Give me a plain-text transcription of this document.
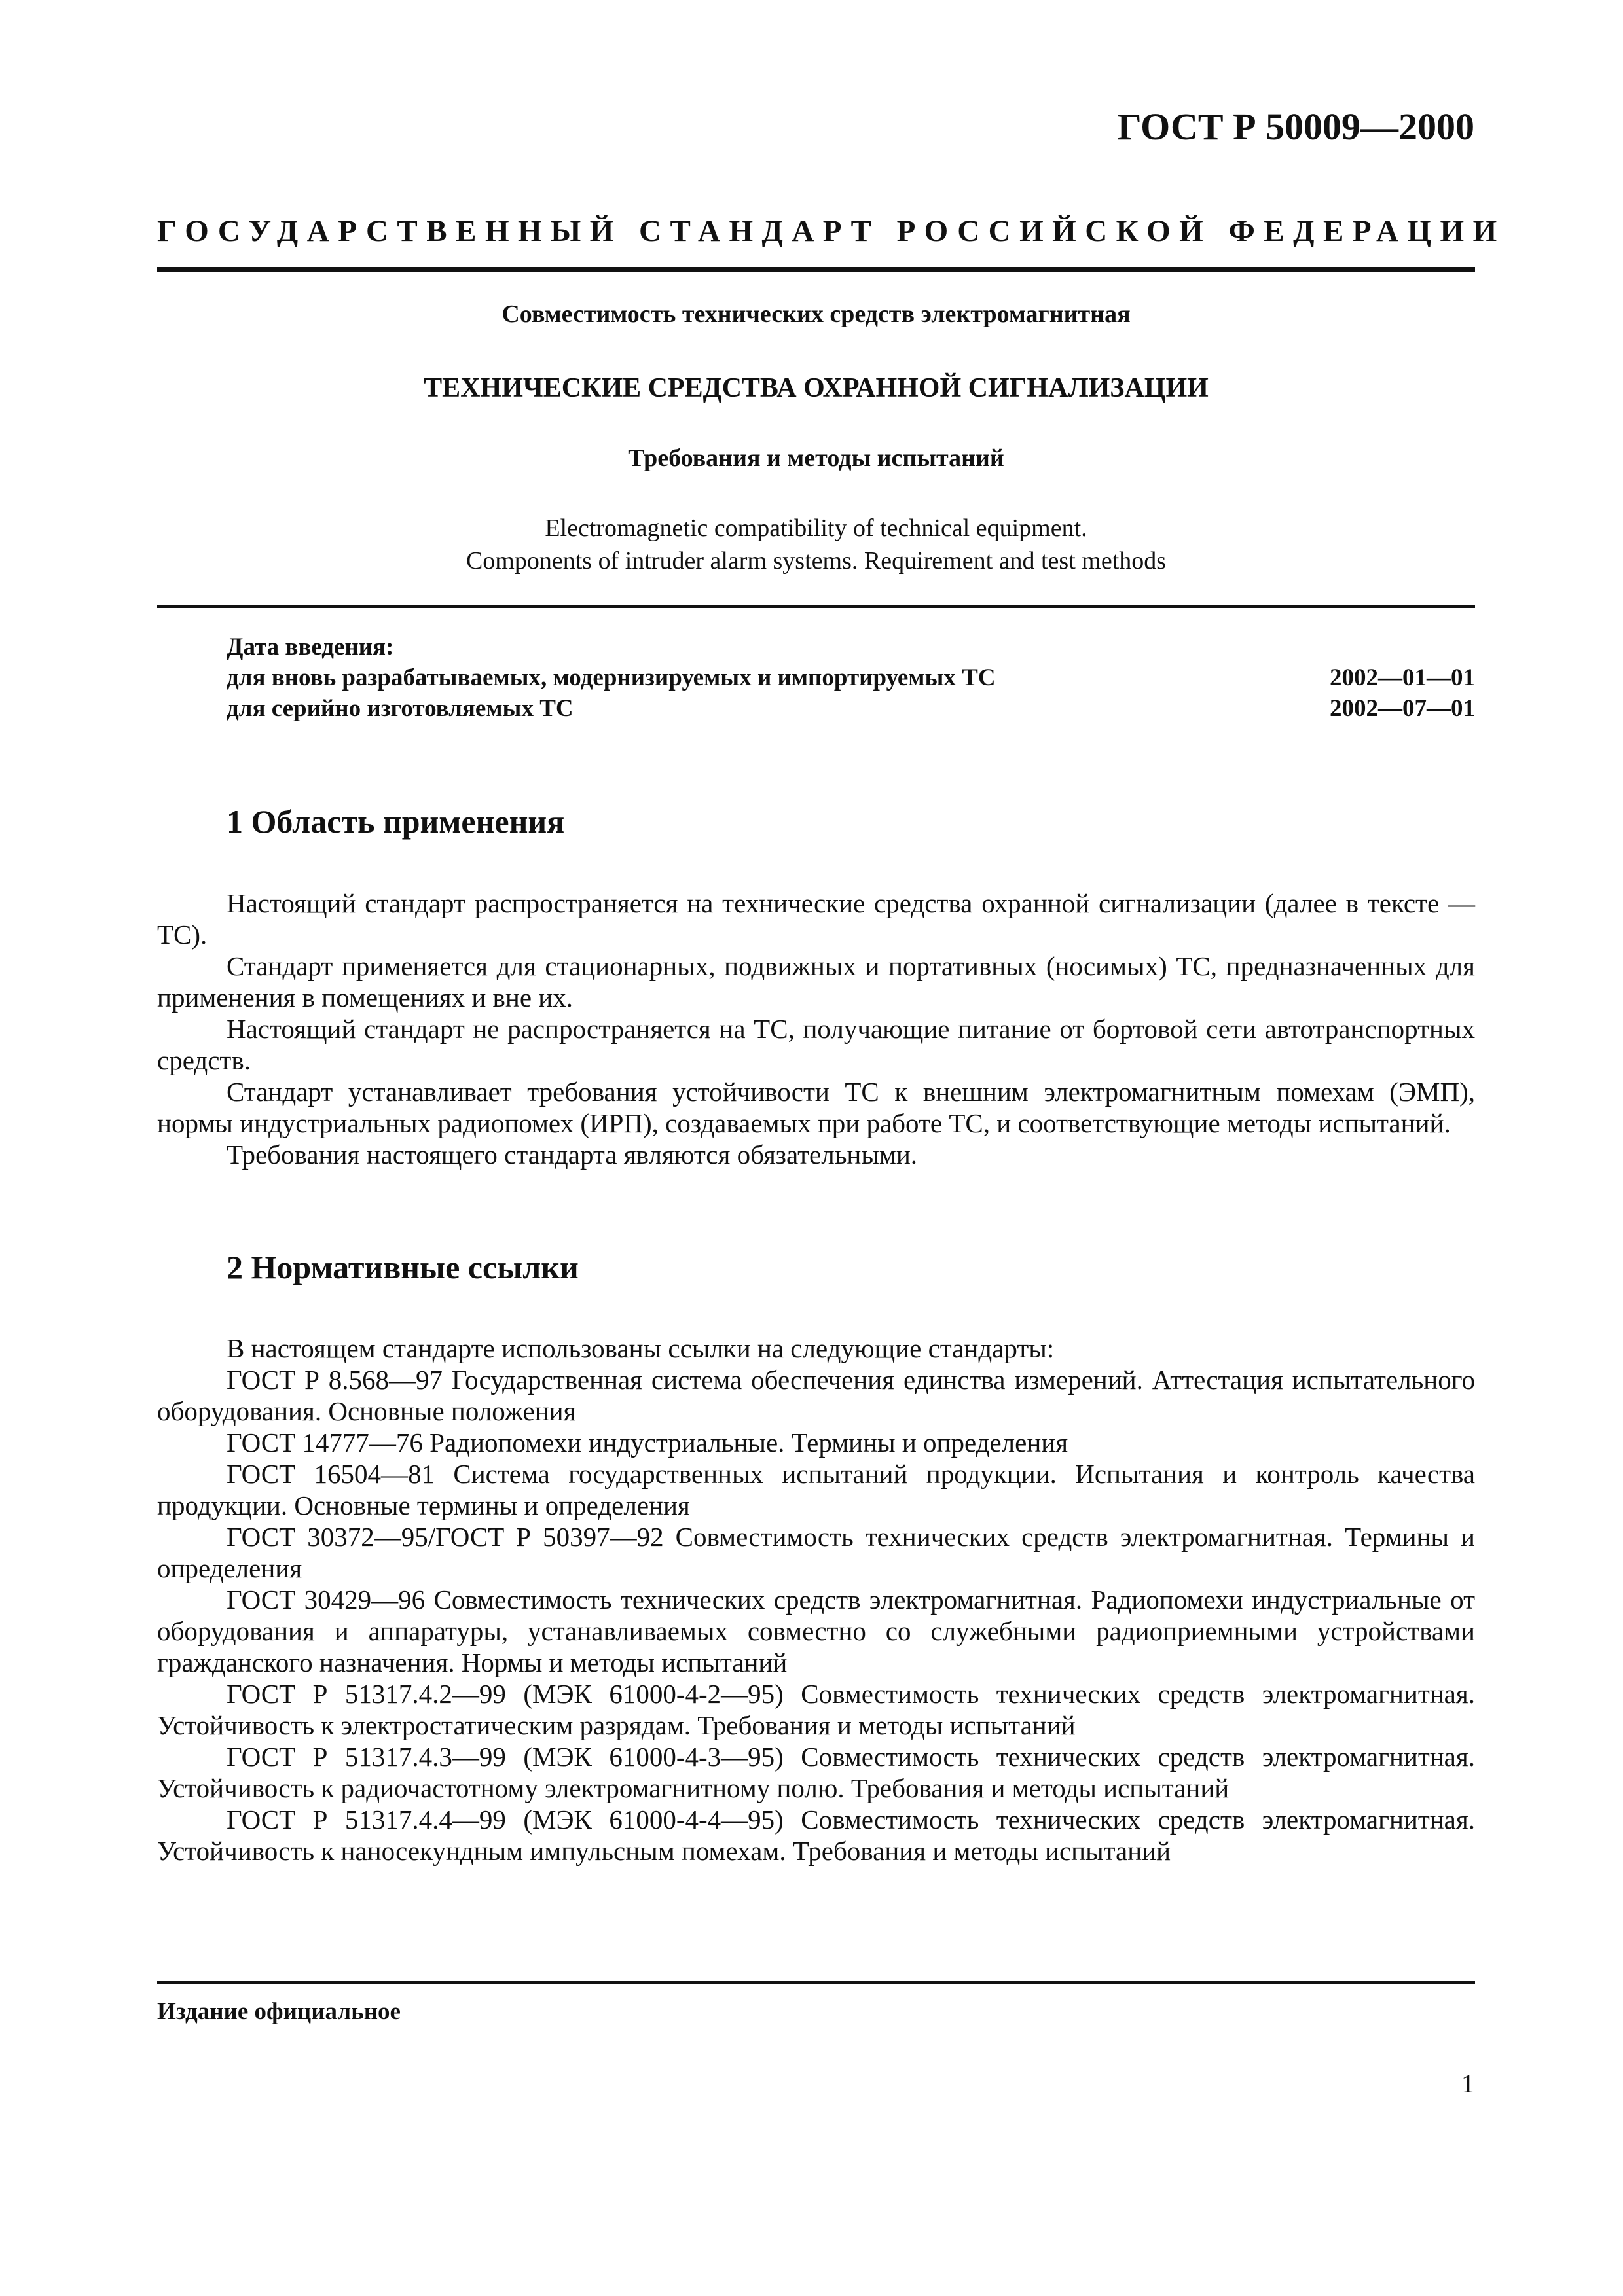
ГОСТ Р 50009—2000
ГОСУДАРСТВЕННЫЙ СТАНДАРТ РОССИЙСКОЙ ФЕДЕРАЦИИ
Совместимость технических средств электромагнитная
ТЕХНИЧЕСКИЕ СРЕДСТВА ОХРАННОЙ СИГНАЛИЗАЦИИ
Требования и методы испытаний
Electromagnetic compatibility of technical equipment.
Components of intruder alarm systems. Requirement and test methods
Дата введения:
для вновь разрабатываемых, модернизируемых и импортируемых ТС	2002—01—01
для серийно изготовляемых ТС	2002—07—01
1 Область применения

Настоящий стандарт распространяется на технические средства охранной сигнализации (далее в тексте — ТС).

Стандарт применяется для стационарных, подвижных и портативных (носимых) ТС, предназначенных для применения в помещениях и вне их.

Настоящий стандарт не распространяется на ТС, получающие питание от бортовой сети автотранспортных средств.

Стандарт устанавливает требования устойчивости ТС к внешним электромагнитным помехам (ЭМП), нормы индустриальных радиопомех (ИРП), создаваемых при работе ТС, и соответствующие методы испытаний.

Требования настоящего стандарта являются обязательными.

2 Нормативные ссылки

В настоящем стандарте использованы ссылки на следующие стандарты:

ГОСТ Р 8.568—97 Государственная система обеспечения единства измерений. Аттестация испытательного оборудования. Основные положения

ГОСТ 14777—76 Радиопомехи индустриальные. Термины и определения

ГОСТ 16504—81 Система государственных испытаний продукции. Испытания и контроль качества продукции. Основные термины и определения

ГОСТ 30372—95/ГОСТ Р 50397—92 Совместимость технических средств электромагнитная. Термины и определения

ГОСТ 30429—96 Совместимость технических средств электромагнитная. Радиопомехи индустриальные от оборудования и аппаратуры, устанавливаемых совместно со служебными радиоприемными устройствами гражданского назначения. Нормы и методы испытаний

ГОСТ Р 51317.4.2—99 (МЭК 61000-4-2—95) Совместимость технических средств электромагнитная. Устойчивость к электростатическим разрядам. Требования и методы испытаний

ГОСТ Р 51317.4.3—99 (МЭК 61000-4-3—95) Совместимость технических средств электромагнитная. Устойчивость к радиочастотному электромагнитному полю. Требования и методы испытаний

ГОСТ Р 51317.4.4—99 (МЭК 61000-4-4—95) Совместимость технических средств электромагнитная. Устойчивость к наносекундным импульсным помехам. Требования и методы испытаний

Издание официальное
1
